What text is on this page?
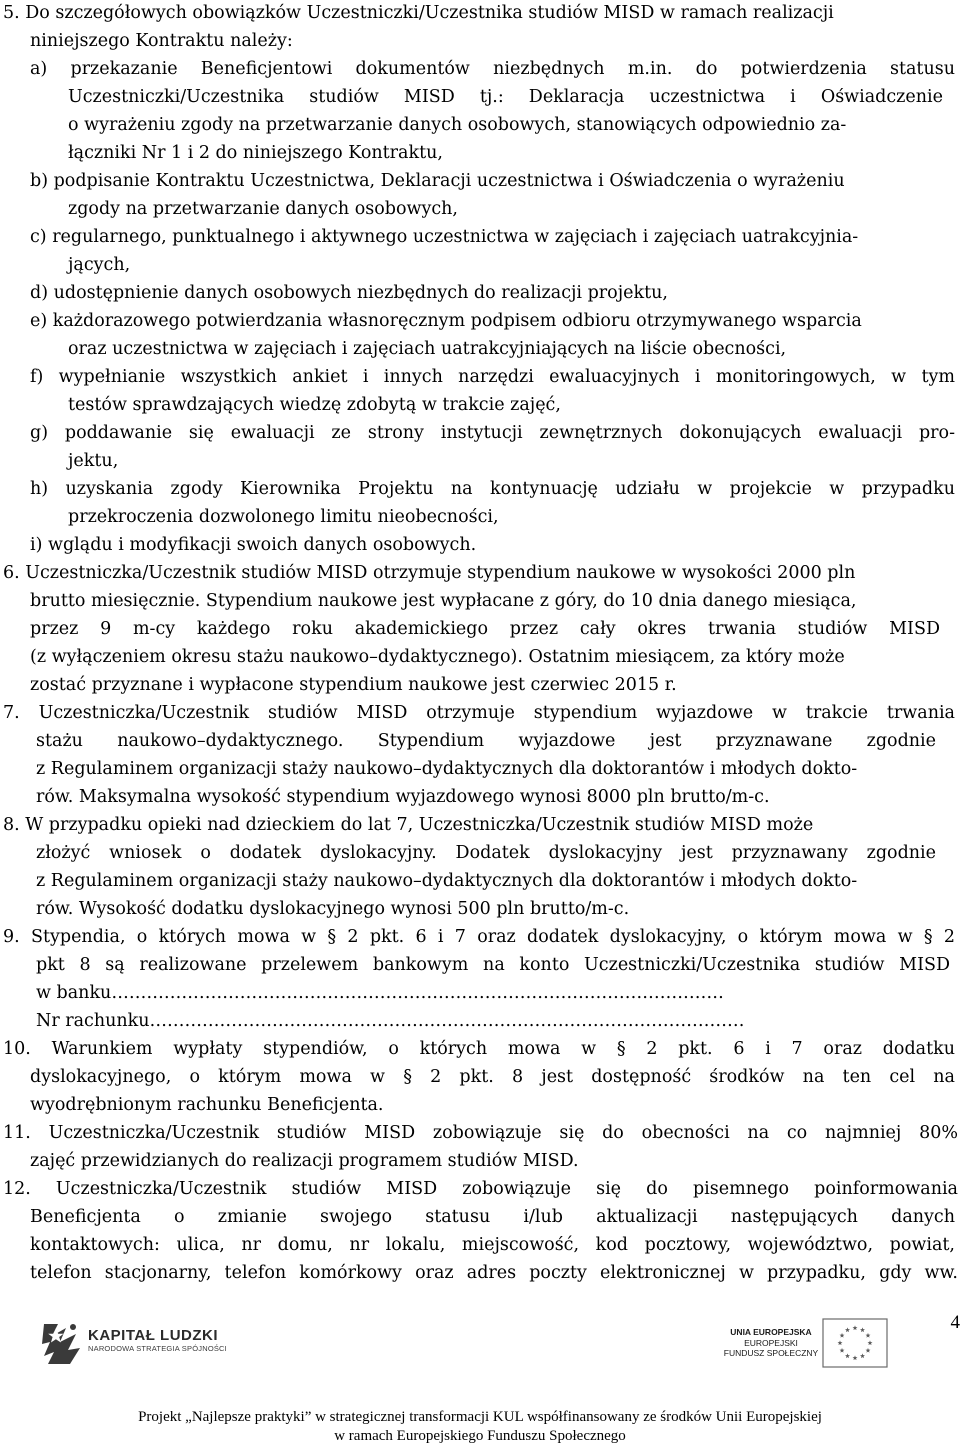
5. Do szczegółowych obowiązków Uczestniczki/Uczestnika studiów MISD w ramach realizacji
niniejszego Kontraktu należy:
a) przekazanie Beneficjentowi dokumentów niezbędnych m.in. do potwierdzenia statusu
Uczestniczki/Uczestnika studiów MISD tj.: Deklaracja uczestnictwa i Oświadczenie
o wyrażeniu zgody na przetwarzanie danych osobowych, stanowiących odpowiednio za-
łączniki Nr 1 i 2 do niniejszego Kontraktu,
b) podpisanie Kontraktu Uczestnictwa, Deklaracji uczestnictwa i Oświadczenia o wyrażeniu
zgody na przetwarzanie danych osobowych,
c) regularnego, punktualnego i aktywnego uczestnictwa w zajęciach i zajęciach uatrakcyjnia-
jących,
d) udostępnienie danych osobowych niezbędnych do realizacji projektu,
e) każdorazowego potwierdzania własnoręcznym podpisem odbioru otrzymywanego wsparcia
oraz uczestnictwa w zajęciach i zajęciach uatrakcyjniających na liście obecności,
f) wypełnianie wszystkich ankiet i innych narzędzi ewaluacyjnych i monitoringowych, w tym
testów sprawdzających wiedzę zdobytą w trakcie zajęć,
g) poddawanie się ewaluacji ze strony instytucji zewnętrznych dokonujących ewaluacji pro-
jektu,
h) uzyskania zgody Kierownika Projektu na kontynuację udziału w projekcie w przypadku
przekroczenia dozwolonego limitu nieobecności,
i) wglądu i modyfikacji swoich danych osobowych.
6. Uczestniczka/Uczestnik studiów MISD otrzymuje stypendium naukowe w wysokości 2000 pln
brutto miesięcznie. Stypendium naukowe jest wypłacane z góry, do 10 dnia danego miesiąca,
przez 9 m-cy każdego roku akademickiego przez cały okres trwania studiów MISD
(z wyłączeniem okresu stażu naukowo–dydaktycznego). Ostatnim miesiącem, za który może
zostać przyznane i wypłacone stypendium naukowe jest czerwiec 2015 r.
7. Uczestniczka/Uczestnik studiów MISD otrzymuje stypendium wyjazdowe w trakcie trwania
stażu naukowo–dydaktycznego. Stypendium wyjazdowe jest przyznawane zgodnie
z Regulaminem organizacji staży naukowo–dydaktycznych dla doktorantów i młodych dokto-
rów. Maksymalna wysokość stypendium wyjazdowego wynosi 8000 pln brutto/m-c.
8. W przypadku opieki nad dzieckiem do lat 7, Uczestniczka/Uczestnik studiów MISD może
złożyć wniosek o dodatek dyslokacyjny. Dodatek dyslokacyjny jest przyznawany zgodnie
z Regulaminem organizacji staży naukowo–dydaktycznych dla doktorantów i młodych dokto-
rów. Wysokość dodatku dyslokacyjnego wynosi 500 pln brutto/m-c.
9. Stypendia, o których mowa w § 2 pkt. 6 i 7 oraz dodatek dyslokacyjny, o którym mowa w § 2
pkt 8 są realizowane przelewem bankowym na konto Uczestniczki/Uczestnika studiów MISD
w banku……………………………………………………………………………………………
Nr rachunku…………………………………………………………………………………………
10. Warunkiem wypłaty stypendiów, o których mowa w § 2 pkt. 6 i 7 oraz dodatku
dyslokacyjnego, o którym mowa w § 2 pkt. 8 jest dostępność środków na ten cel na
wyodrębnionym rachunku Beneficjenta.
11. Uczestniczka/Uczestnik studiów MISD zobowiązuje się do obecności na co najmniej 80%
zajęć przewidzianych do realizacji programem studiów MISD.
12. Uczestniczka/Uczestnik studiów MISD zobowiązuje się do pisemnego poinformowania
Beneficjenta o zmianie swojego statusu i/lub aktualizacji następujących danych
kontaktowych: ulica, nr domu, nr lokalu, miejscowość, kod pocztowy, województwo, powiat,
telefon stacjonarny, telefon komórkowy oraz adres poczty elektronicznej w przypadku, gdy ww.
4
KAPITAŁ LUDZKI
NARODOWA STRATEGIA SPÓJNOŚCI
UNIA EUROPEJSKA
EUROPEJSKI
FUNDUSZ SPOŁECZNY
Projekt „Najlepsze praktyki” w strategicznej transformacji KUL współfinansowany ze środków Unii Europejskiej
w ramach Europejskiego Funduszu Społecznego
